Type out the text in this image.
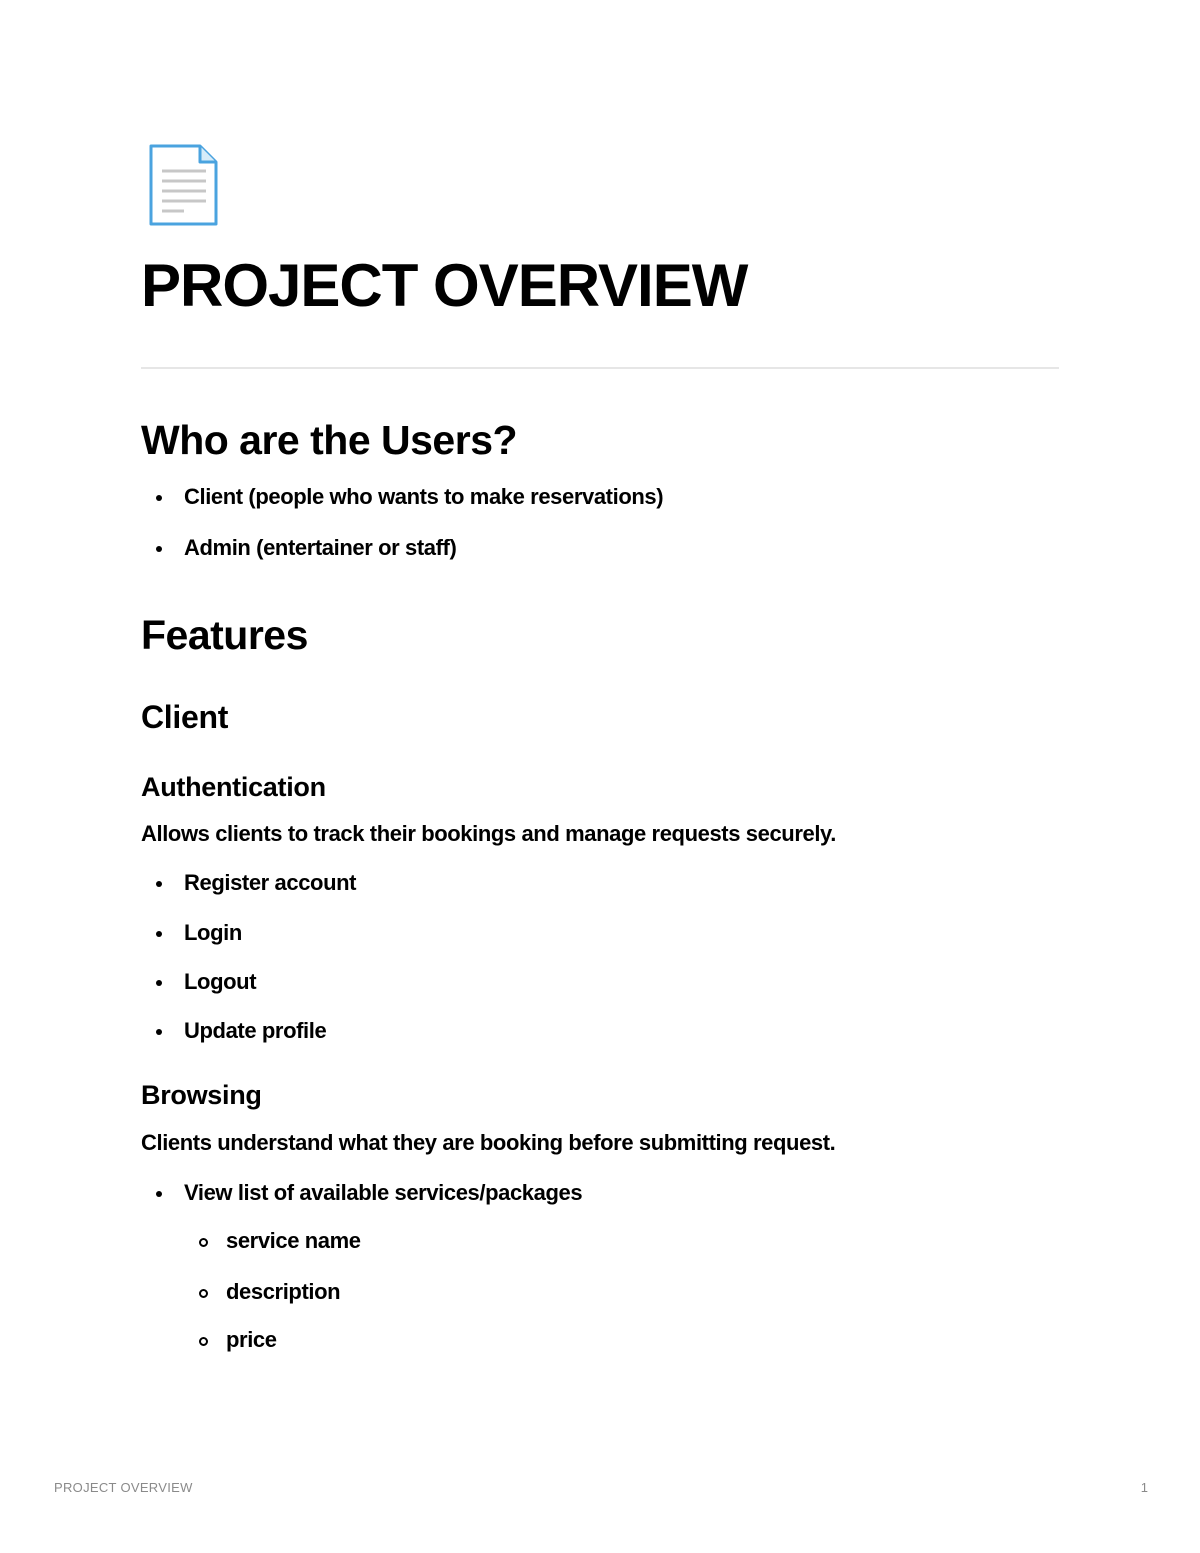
PROJECT OVERVIEW
Who are the Users?
Client (people who wants to make reservations)
Admin (entertainer or staff)
Features
Client
Authentication

Allows clients to track their bookings and manage requests securely.

Register account
Login
Logout
Update profile
Browsing

Clients understand what they are booking before submitting request.

View list of available services/packages
service name
description
price
PROJECT OVERVIEW	1
